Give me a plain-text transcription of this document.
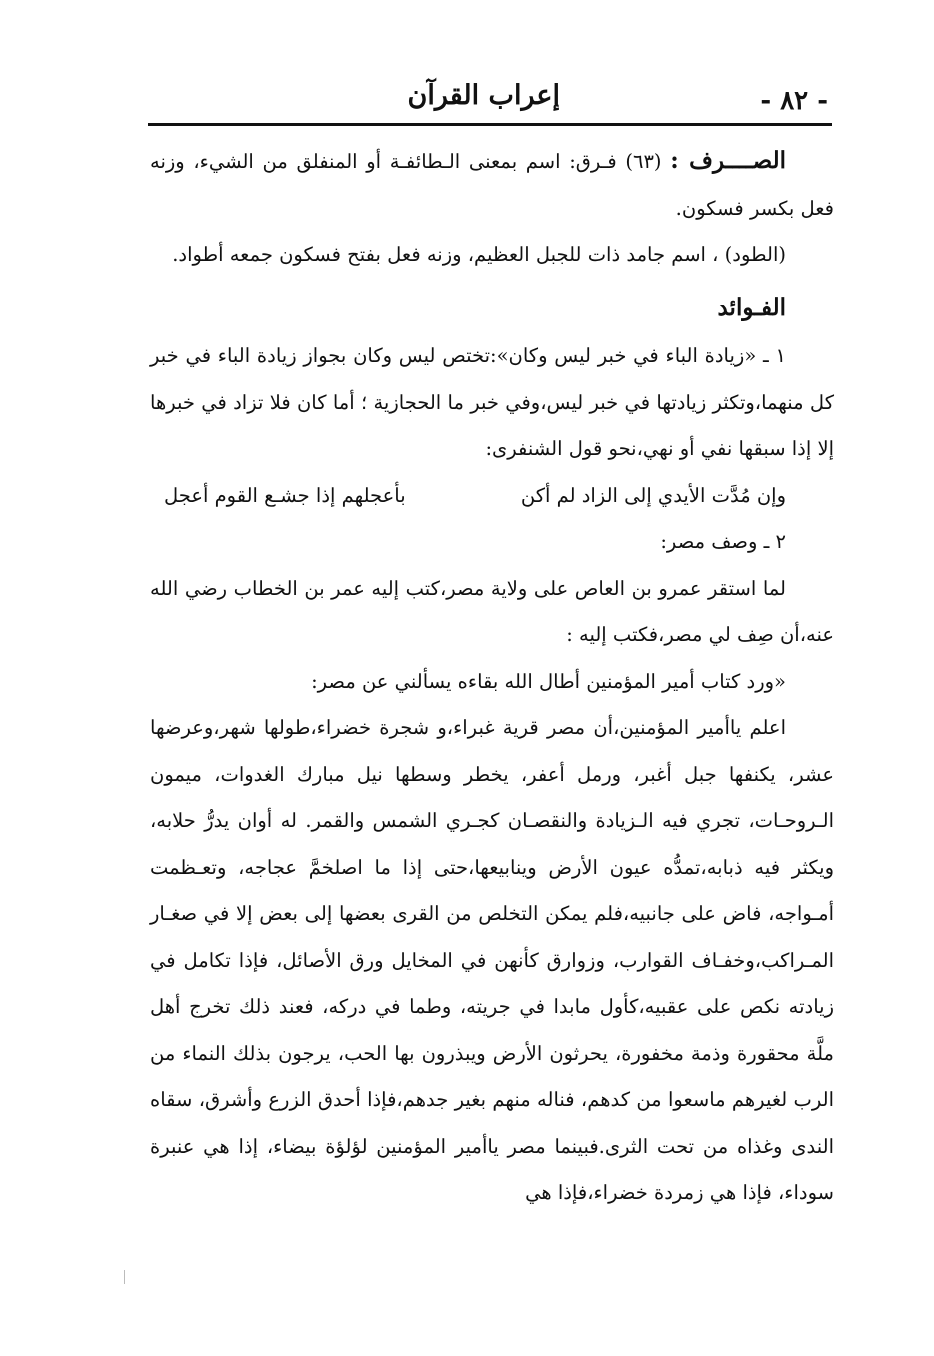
إعراب القرآن	- ٨٢ -

الصــــرف : (٦٣) فـرق: اسم بمعنى الـطائفـة أو المنفلق من الشيء، وزنه فعل بكسر فسكون.

(الطود) ، اسم جامد ذات للجبل العظيم، وزنه فعل بفتح فسكون جمعه أطواد.

الفـوائد

١ ـ «زيادة الباء في خبر ليس وكان»:تختص ليس وكان بجواز زيادة الباء في خبر كل منهما،وتكثر زيادتها في خبر ليس،وفي خبر ما الحجازية ؛ أما كان فلا تزاد في خبرها إلا إذا سبقها نفي أو نهي،نحو قول الشنفرى:

وإن مُدَّت الأيدي إلى الزاد لم أكن
بأعجلهم إذا جشـع القوم أعجل

٢ ـ وصف مصر:

لما استقر عمرو بن العاص على ولاية مصر،كتب إليه عمر بن الخطاب رضي الله عنه،أن صِف لي مصر،فكتب إليه :

«ورد كتاب أمير المؤمنين أطال الله بقاءه يسألني عن مصر:

اعلم ياأمير المؤمنين،أن مصر قرية غبراء،و شجرة خضراء،طولها شهر،وعرضها عشر، يكنفها جبل أغبر، ورمل أعفر، يخطر وسطها نيل مبارك الغدوات، ميمون الـروحـات، تجري فيه الـزيادة والنقصـان كجـري الشمس والقمر. له أوان يدرُّ حلابه، ويكثر فيه ذبابه،تمدُّه عيون الأرض وينابيعها،حتى إذا ما اصلخمَّ عجاجه، وتعـظمت أمـواجه، فاض على جانبيه،فلم يمكن التخلص من القرى بعضها إلى بعض إلا في صغـار المـراكب،وخفـاف القوارب، وزوارق كأنهن في المخايل ورق الأصائل، فإذا تكامل في زيادته نكص على عقبيه،كأول مابدا في جريته، وطما في دركه، فعند ذلك تخرج أهل ملَّة محقورة وذمة مخفورة، يحرثون الأرض ويبذرون بها الحب، يرجون بذلك النماء من الرب لغيرهم ماسعوا من كدهم، فناله منهم بغير جدهم،فإذا أحدق الزرع وأشرق، سقاه الندى وغذاه من تحت الثرى.فبينما مصر ياأمير المؤمنين لؤلؤة بيضاء، إذا هي عنبرة سوداء، فإذا هي زمردة خضراء،فإذا هي
